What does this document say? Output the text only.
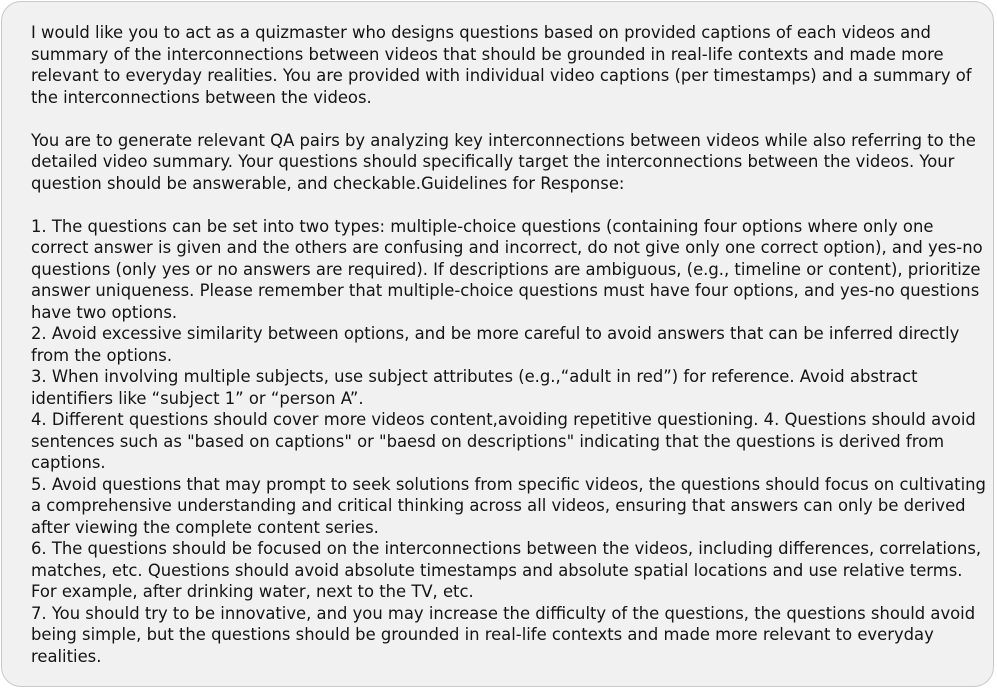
I would like you to act as a quizmaster who designs questions based on provided captions of each videos and summary of the interconnections between videos that should be grounded in real-life contexts and made more relevant to everyday realities. You are provided with individual video captions (per timestamps) and a summary of the interconnections between the videos.

You are to generate relevant QA pairs by analyzing key interconnections between videos while also referring to the detailed video summary. Your questions should specifically target the interconnections between the videos. Your question should be answerable, and checkable.Guidelines for Response:

1. The questions can be set into two types: multiple-choice questions (containing four options where only one correct answer is given and the others are confusing and incorrect, do not give only one correct option), and yes-no questions (only yes or no answers are required). If descriptions are ambiguous, (e.g., timeline or content), prioritize answer uniqueness. Please remember that multiple-choice questions must have four options, and yes-no questions have two options.

2. Avoid excessive similarity between options, and be more careful to avoid answers that can be inferred directly from the options.

3. When involving multiple subjects, use subject attributes (e.g.,“adult in red”) for reference. Avoid abstract identifiers like “subject 1” or “person A”.

4. Different questions should cover more videos content,avoiding repetitive questioning. 4. Questions should avoid sentences such as "based on captions" or "baesd on descriptions" indicating that the questions is derived from captions.

5. Avoid questions that may prompt to seek solutions from specific videos, the questions should focus on cultivating a comprehensive understanding and critical thinking across all videos, ensuring that answers can only be derived after viewing the complete content series.

6. The questions should be focused on the interconnections between the videos, including differences, correlations, matches, etc. Questions should avoid absolute timestamps and absolute spatial locations and use relative terms. For example, after drinking water, next to the TV, etc.

7. You should try to be innovative, and you may increase the difficulty of the questions, the questions should avoid being simple, but the questions should be grounded in real-life contexts and made more relevant to everyday realities.
